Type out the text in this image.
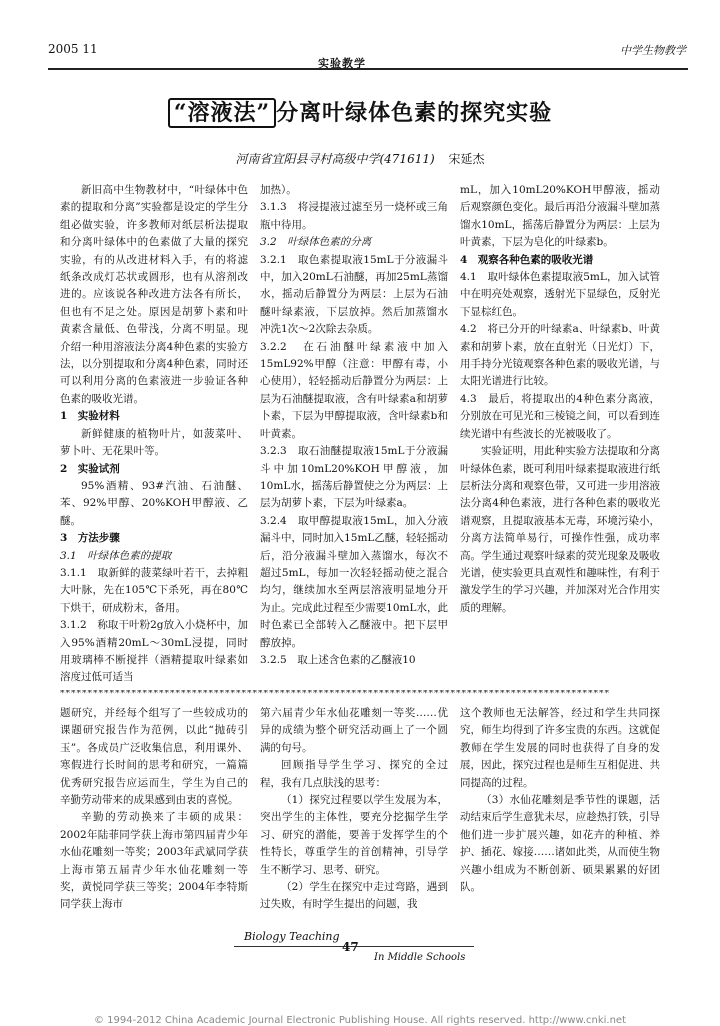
2005 11
实验教学
中学生物教学
“溶液法” 分离叶绿体色素的探究实验
河南省宜阳县寻村高级中学(471611) 宋延杰

新旧高中生物教材中，“叶绿体中色素的提取和分离”实验都是设定的学生分组必做实验，许多教师对纸层析法提取和分离叶绿体中的色素做了大量的探究实验，有的从改进材料入手，有的将滤纸条改成灯芯状或圆形，也有从溶剂改进的。应该说各种改进方法各有所长，但也有不足之处。原因是胡萝卜素和叶黄素含量低、色带浅，分离不明显。现介绍一种用溶液法分离4种色素的实验方法，以分别提取和分离4种色素，同时还可以利用分离的色素液进一步验证各种色素的吸收光谱。

1　实验材料

新鲜健康的植物叶片，如菠菜叶、萝卜叶、无花果叶等。

2　实验试剂

95%酒精、93#汽油、石油醚、苯、92%甲醇、20%KOH甲醇液、乙醚。

3　方法步骤

3.1　叶绿体色素的提取

3.1.1　取新鲜的菠菜绿叶若干，去掉粗大叶脉，先在105℃下杀死，再在80℃下烘干，研成粉末，备用。

3.1.2　称取干叶粉2g放入小烧杯中，加入95%酒精20mL～30mL浸提，同时用玻璃棒不断搅拌（酒精提取叶绿素如溶度过低可适当

加热）。

3.1.3　将浸提液过滤至另一烧杯或三角瓶中待用。

3.2　叶绿体色素的分离

3.2.1　取色素提取液15mL于分液漏斗中，加入20mL石油醚，再加25mL蒸馏水，摇动后静置分为两层：上层为石油醚叶绿素液，下层放掉。然后加蒸馏水冲洗1次～2次除去杂质。

3.2.2　在石油醚叶绿素液中加入15mL92%甲醇（注意：甲醇有毒，小心使用），轻轻摇动后静置分为两层：上层为石油醚提取液，含有叶绿素a和胡萝卜素，下层为甲醇提取液，含叶绿素b和叶黄素。

3.2.3　取石油醚提取液15mL于分液漏斗中加10mL20%KOH甲醇液，加10mL水，摇荡后静置使之分为两层：上层为胡萝卜素，下层为叶绿素a。

3.2.4　取甲醇提取液15mL，加入分液漏斗中，同时加入15mL乙醚，轻轻摇动后，沿分液漏斗壁加入蒸馏水，每次不超过5mL，每加一次轻轻摇动使之混合均匀，继续加水至两层溶液明显地分开为止。完成此过程至少需要10mL水，此时色素已全部转入乙醚液中。把下层甲醇放掉。

3.2.5　取上述含色素的乙醚液10

mL，加入10mL20%KOH甲醇液，摇动后观察颜色变化。最后再沿分液漏斗壁加蒸馏水10mL，摇荡后静置分为两层：上层为叶黄素，下层为皂化的叶绿素b。

4　观察各种色素的吸收光谱

4.1　取叶绿体色素提取液5mL，加入试管中在明亮处观察，透射光下显绿色，反射光下显棕红色。

4.2　将已分开的叶绿素a、叶绿素b、叶黄素和胡萝卜素，放在直射光（日光灯）下，用手持分光镜观察各种色素的吸收光谱，与太阳光谱进行比较。

4.3　最后，将提取出的4种色素分离液，分别放在可见光和三棱镜之间，可以看到连续光谱中有些波长的光被吸收了。

实验证明，用此种实验方法提取和分离叶绿体色素，既可利用叶绿素提取液进行纸层析法分离和观察色带，又可进一步用溶液法分离4种色素液，进行各种色素的吸收光谱观察，且提取液基本无毒，环境污染小，分离方法简单易行，可操作性强，成功率高。学生通过观察叶绿素的荧光现象及吸收光谱，使实验更具直观性和趣味性，有利于激发学生的学习兴趣，并加深对光合作用实质的理解。

****************************************************************************************************

题研究，并经每个组写了一些较成功的课题研究报告作为范例，以此“抛砖引玉”。各成员广泛收集信息，利用课外、寒假进行长时间的思考和研究，一篇篇优秀研究报告应运而生，学生为自己的辛勤劳动带来的成果感到由衷的喜悦。

辛勤的劳动换来了丰硕的成果：2002年陆菲同学获上海市第四届青少年水仙花雕刻一等奖；2003年武斌同学获上海市第五届青少年水仙花雕刻一等奖，黄悦同学获三等奖；2004年李特斯同学获上海市

第六届青少年水仙花雕刻一等奖……优异的成绩为整个研究活动画上了一个圆满的句号。

回顾指导学生学习、探究的全过程，我有几点肤浅的思考：

（1）探究过程要以学生发展为本，突出学生的主体性，要充分挖掘学生学习、研究的潜能，要善于发挥学生的个性特长，尊重学生的首创精神，引导学生不断学习、思考、研究。

（2）学生在探究中走过弯路，遇到过失败，有时学生提出的问题，我

这个教师也无法解答，经过和学生共同探究，师生均得到了许多宝贵的东西。这就促教师在学生发展的同时也获得了自身的发展，因此，探究过程也是师生互相促进、共同提高的过程。

（3）水仙花雕刻是季节性的课题，活动结束后学生意犹未尽，应趁热打铁，引导他们进一步扩展兴趣，如花卉的种植、养护、插花、嫁接……诸如此类，从而使生物兴趣小组成为不断创新、硕果累累的好团队。

Biology Teaching
47
In Middle Schools
© 1994-2012 China Academic Journal Electronic Publishing House. All rights reserved. http://www.cnki.net
